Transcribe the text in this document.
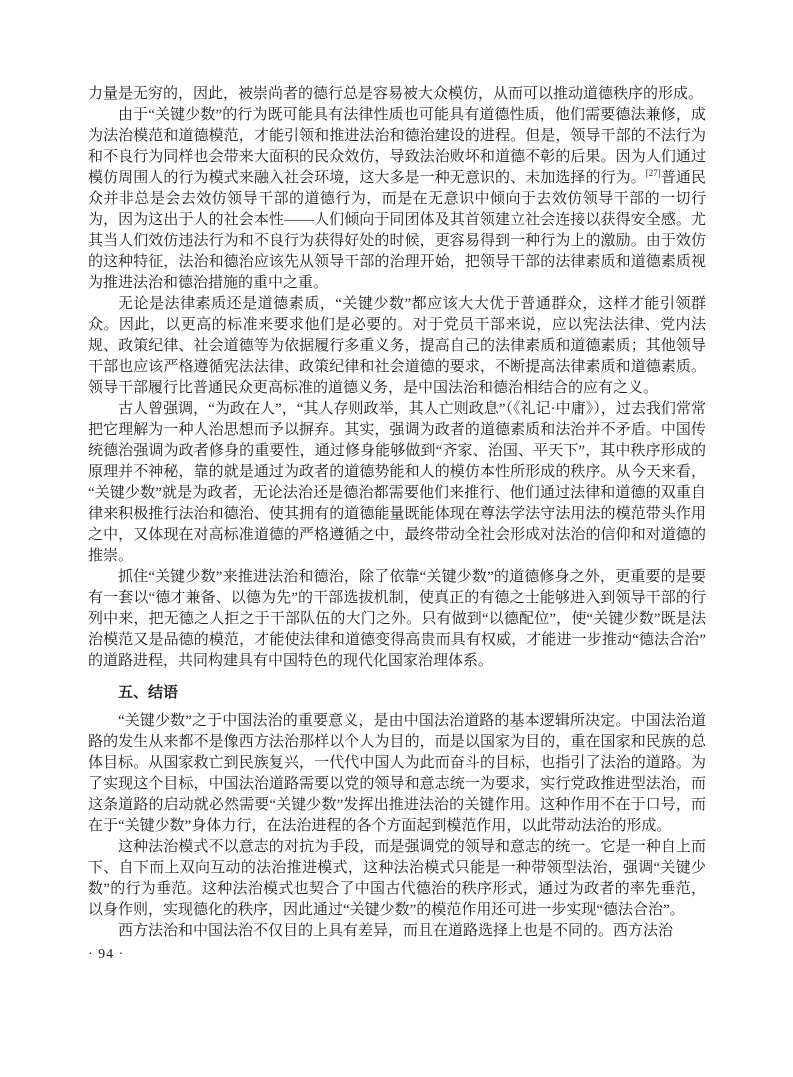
力量是无穷的，因此，被崇尚者的德行总是容易被大众模仿，从而可以推动道德秩序的形成。

由于“关键少数”的行为既可能具有法律性质也可能具有道德性质，他们需要德法兼修，成为法治模范和道德模范，才能引领和推进法治和德治建设的进程。但是，领导干部的不法行为和不良行为同样也会带来大面积的民众效仿，导致法治败坏和道德不彰的后果。因为人们通过模仿周围人的行为模式来融入社会环境，这大多是一种无意识的、未加选择的行为。[27]普通民众并非总是会去效仿领导干部的道德行为，而是在无意识中倾向于去效仿领导干部的一切行为，因为这出于人的社会本性——人们倾向于同团体及其首领建立社会连接以获得安全感。尤其当人们效仿违法行为和不良行为获得好处的时候，更容易得到一种行为上的激励。由于效仿的这种特征，法治和德治应该先从领导干部的治理开始，把领导干部的法律素质和道德素质视为推进法治和德治措施的重中之重。

无论是法律素质还是道德素质，“关键少数”都应该大大优于普通群众，这样才能引领群众。因此，以更高的标准来要求他们是必要的。对于党员干部来说，应以宪法法律、党内法规、政策纪律、社会道德等为依据履行多重义务，提高自己的法律素质和道德素质；其他领导干部也应该严格遵循宪法法律、政策纪律和社会道德的要求，不断提高法律素质和道德素质。领导干部履行比普通民众更高标准的道德义务，是中国法治和德治相结合的应有之义。

古人曾强调，“为政在人”，“其人存则政举，其人亡则政息”（《礼记·中庸》），过去我们常常把它理解为一种人治思想而予以摒弃。其实，强调为政者的道德素质和法治并不矛盾。中国传统德治强调为政者修身的重要性，通过修身能够做到“齐家、治国、平天下”，其中秩序形成的原理并不神秘，靠的就是通过为政者的道德势能和人的模仿本性所形成的秩序。从今天来看，“关键少数”就是为政者，无论法治还是德治都需要他们来推行、他们通过法律和道德的双重自律来积极推行法治和德治、使其拥有的道德能量既能体现在尊法学法守法用法的模范带头作用之中，又体现在对高标准道德的严格遵循之中，最终带动全社会形成对法治的信仰和对道德的推崇。

抓住“关键少数”来推进法治和德治，除了依靠“关键少数”的道德修身之外，更重要的是要有一套以“德才兼备、以德为先”的干部选拔机制，使真正的有德之士能够进入到领导干部的行列中来，把无德之人拒之于干部队伍的大门之外。只有做到“以德配位”，使“关键少数”既是法治模范又是品德的模范，才能使法律和道德变得高贵而具有权威，才能进一步推动“德法合治”的道路进程，共同构建具有中国特色的现代化国家治理体系。

五、结语

“关键少数”之于中国法治的重要意义，是由中国法治道路的基本逻辑所决定。中国法治道路的发生从来都不是像西方法治那样以个人为目的，而是以国家为目的，重在国家和民族的总体目标。从国家救亡到民族复兴，一代代中国人为此而奋斗的目标，也指引了法治的道路。为了实现这个目标，中国法治道路需要以党的领导和意志统一为要求，实行党政推进型法治，而这条道路的启动就必然需要“关键少数”发挥出推进法治的关键作用。这种作用不在于口号，而在于“关键少数”身体力行，在法治进程的各个方面起到模范作用，以此带动法治的形成。

这种法治模式不以意志的对抗为手段，而是强调党的领导和意志的统一。它是一种自上而下、自下而上双向互动的法治推进模式，这种法治模式只能是一种带领型法治，强调“关键少数”的行为垂范。这种法治模式也契合了中国古代德治的秩序形式，通过为政者的率先垂范，以身作则，实现德化的秩序，因此通过“关键少数”的模范作用还可进一步实现“德法合治”。

西方法治和中国法治不仅目的上具有差异，而且在道路选择上也是不同的。西方法治

· 94 ·
